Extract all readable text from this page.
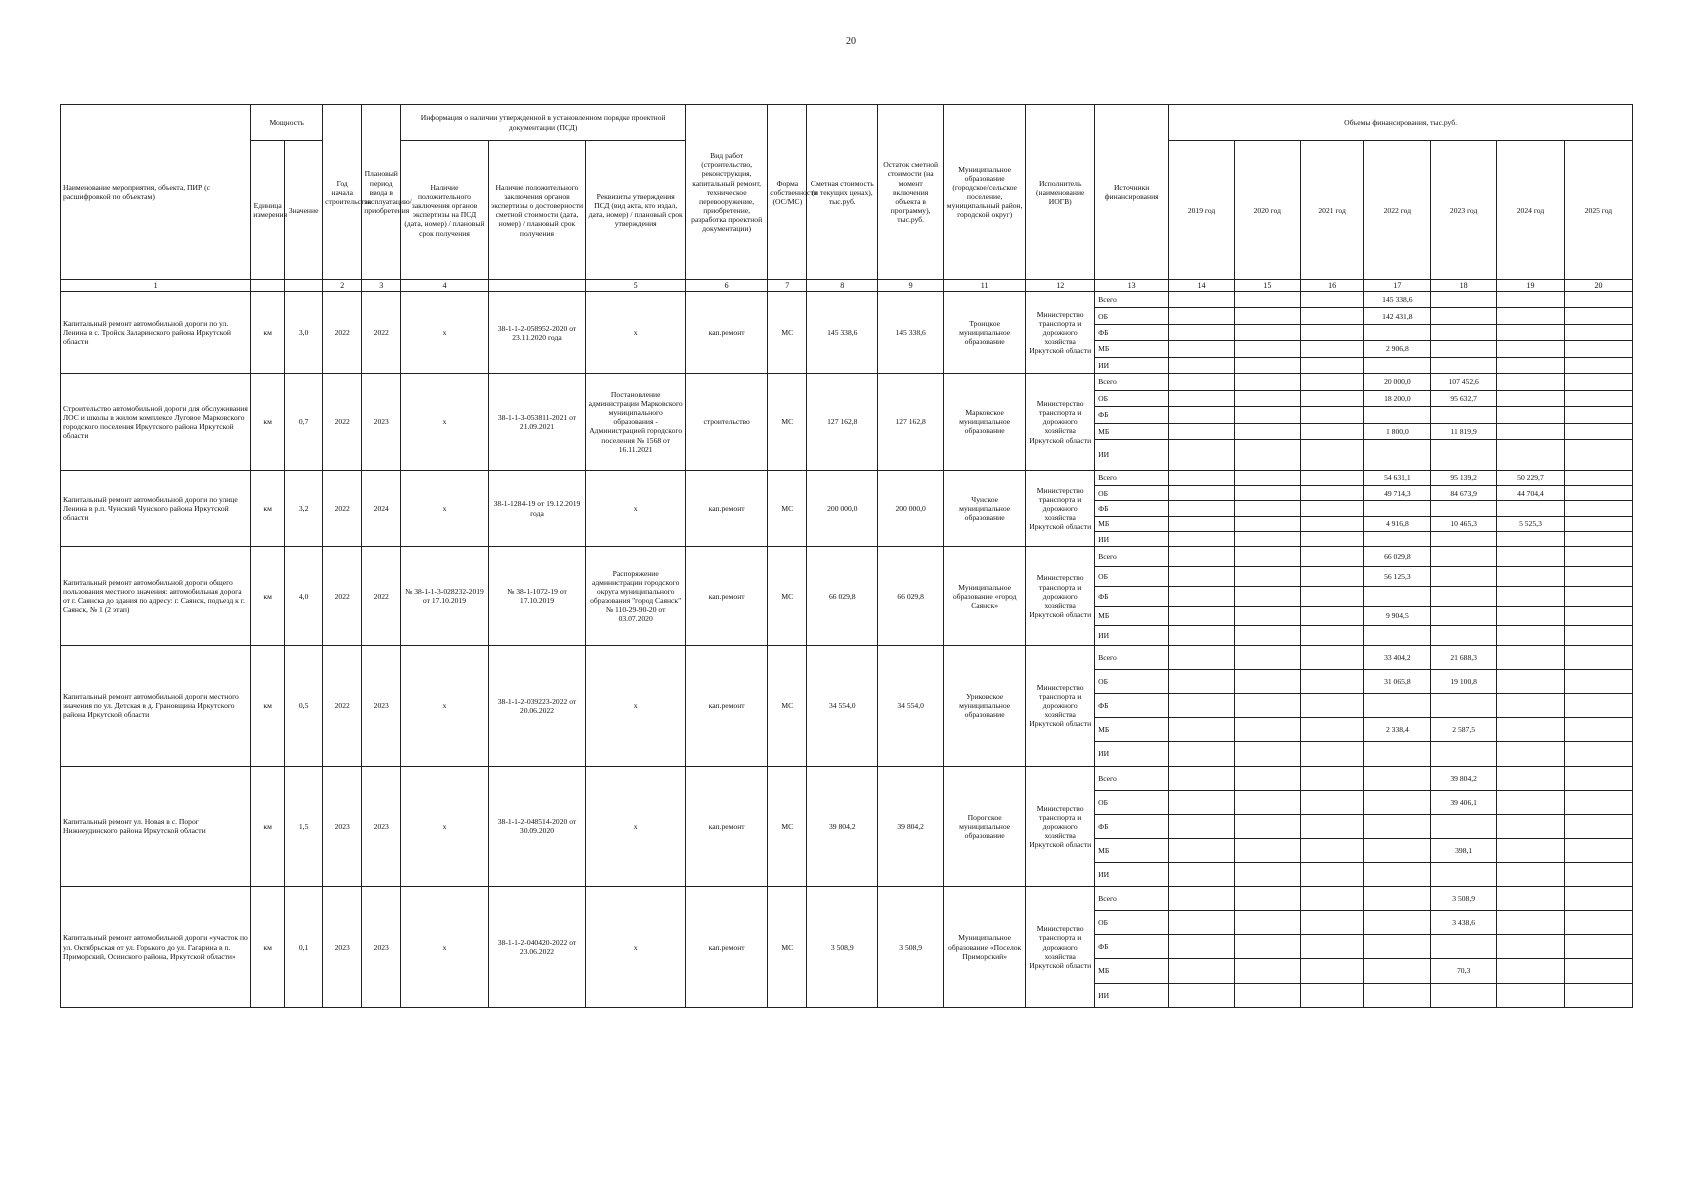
20
Наименование мероприятия, объекта, ПИР (с расшифровкой по объектам)	Мощность		Год начала строительства	Плановый период ввода в эксплуатацию/приобретения	Информация о наличии утвержденной в установленном порядке проектной документации (ПСД)			Вид работ (строительство, реконструкция, капитальный ремонт, техническое перевооружение, приобретение, разработка проектной документации)	Форма собственности (ОС/МС)	Сметная стоимость (в текущих ценах), тыс.руб.	Остаток сметной стоимости (на момент включения объекта в программу), тыс.руб.	Муниципальное образование (городское/сельское поселение, муниципальный район, городской округ)	Исполнитель (наименование ИОГВ)	Источники финансирования	Объемы финансирования, тыс.руб.						
	Единица измерения	Значение			Наличие положительного заключения органов экспертизы на ПСД (дата, номер) / плановый срок получения	Наличие положительного заключения органов экспертизы о достоверности сметной стоимости (дата, номер) / плановый срок получения	Реквизиты утверждения ПСД (вид акта, кто издал, дата, номер) / плановый срок утверждения								2019 год	2020 год	2021 год	2022 год	2023 год	2024 год	2025 год
1			2	3	4		5	6	7	8	9	11	12	13	14	15	16	17	18	19	20
Капитальный ремонт автомобильной дороги по ул. Ленина в с. Тройск Заларинского района Иркутской области	км	3,0	2022	2022	х	38-1-1-2-058952-2020 от 23.11.2020 года	х	кап.ремонт	МС	145 338,6	145 338,6	Троицкое муниципальное образование	Министерство транспорта и дорожного хозяйства Иркутской области	Всего				145 338,6			
														ОБ				142 431,8			
														ФБ							
														МБ				2 906,8			
														ИИ							
Строительство автомобильной дороги для обслуживания ЛОС и школы в жилом комплексе Луговое Марковского городского поселения Иркутского района Иркутской области	км	0,7	2022	2023	х	38-1-1-3-053811-2021 от 21.09.2021	Постановление администрации Марковского муниципального образования - Администрацией городского поселения № 1568 от 16.11.2021	строительство	МС	127 162,8	127 162,8	Марковское муниципальное образование	Министерство транспорта и дорожного хозяйства Иркутской области	Всего				20 000,0	107 452,6		
														ОБ				18 200,0	95 632,7		
														ФБ							
														МБ				1 800,0	11 819,9		
														ИИ							
Капитальный ремонт автомобильной дороги по улице Ленина в р.п. Чунский Чунского района Иркутской области	км	3,2	2022	2024	х	38-1-1284-19 от 19.12.2019 года	х	кап.ремонт	МС	200 000,0	200 000,0	Чунское муниципальное образование	Министерство транспорта и дорожного хозяйства Иркутской области	Всего				54 631,1	95 139,2	50 229,7	
														ОБ				49 714,3	84 673,9	44 704,4	
														ФБ							
														МБ				4 916,8	10 465,3	5 525,3	
														ИИ							
Капитальный ремонт автомобильной дороги общего пользования местного значения: автомобильная дорога от г. Саянска до здания по адресу: г. Саянск, подъезд к г. Саянск, № 1 (2 этап)	км	4,0	2022	2022	№ 38-1-1-3-028232-2019 от 17.10.2019	№ 38-1-1072-19 от 17.10.2019	Распоряжение администрации городского округа муниципального образования "город Саянск" № 110-29-90-20 от 03.07.2020	кап.ремонт	МС	66 029,8	66 029,8	Муниципальное образование «город Саянск»	Министерство транспорта и дорожного хозяйства Иркутской области	Всего				66 029,8			
														ОБ				56 125,3			
														ФБ							
														МБ				9 904,5			
														ИИ							
Капитальный ремонт автомобильной дороги местного значения по ул. Детская в д. Грановщина Иркутского района Иркутской области	км	0,5	2022	2023	х	38-1-1-2-039223-2022 от 20.06.2022	х	кап.ремонт	МС	34 554,0	34 554,0	Уриковское муниципальное образование	Министерство транспорта и дорожного хозяйства Иркутской области	Всего				33 404,2	21 688,3		
														ОБ				31 065,8	19 100,8		
														ФБ							
														МБ				2 338,4	2 587,5		
														ИИ							
Капитальный ремонт ул. Новая в с. Порог Нижнеудинского района Иркутской области	км	1,5	2023	2023	х	38-1-1-2-048514-2020 от 30.09.2020	х	кап.ремонт	МС	39 804,2	39 804,2	Порогское муниципальное образование	Министерство транспорта и дорожного хозяйства Иркутской области	Всего					39 804,2		
														ОБ					39 406,1		
														ФБ							
														МБ					398,1		
														ИИ							
Капитальный ремонт автомобильной дороги «участок по ул. Октябрьская от ул. Горького до ул. Гагарина в п. Приморский, Осинского района, Иркутской области»	км	0,1	2023	2023	х	38-1-1-2-040420-2022 от 23.06.2022	х	кап.ремонт	МС	3 508,9	3 508,9	Муниципальное образование «Поселок Приморский»	Министерство транспорта и дорожного хозяйства Иркутской области	Всего					3 508,9		
														ОБ					3 438,6		
														ФБ							
														МБ					70,3		
														ИИ							
